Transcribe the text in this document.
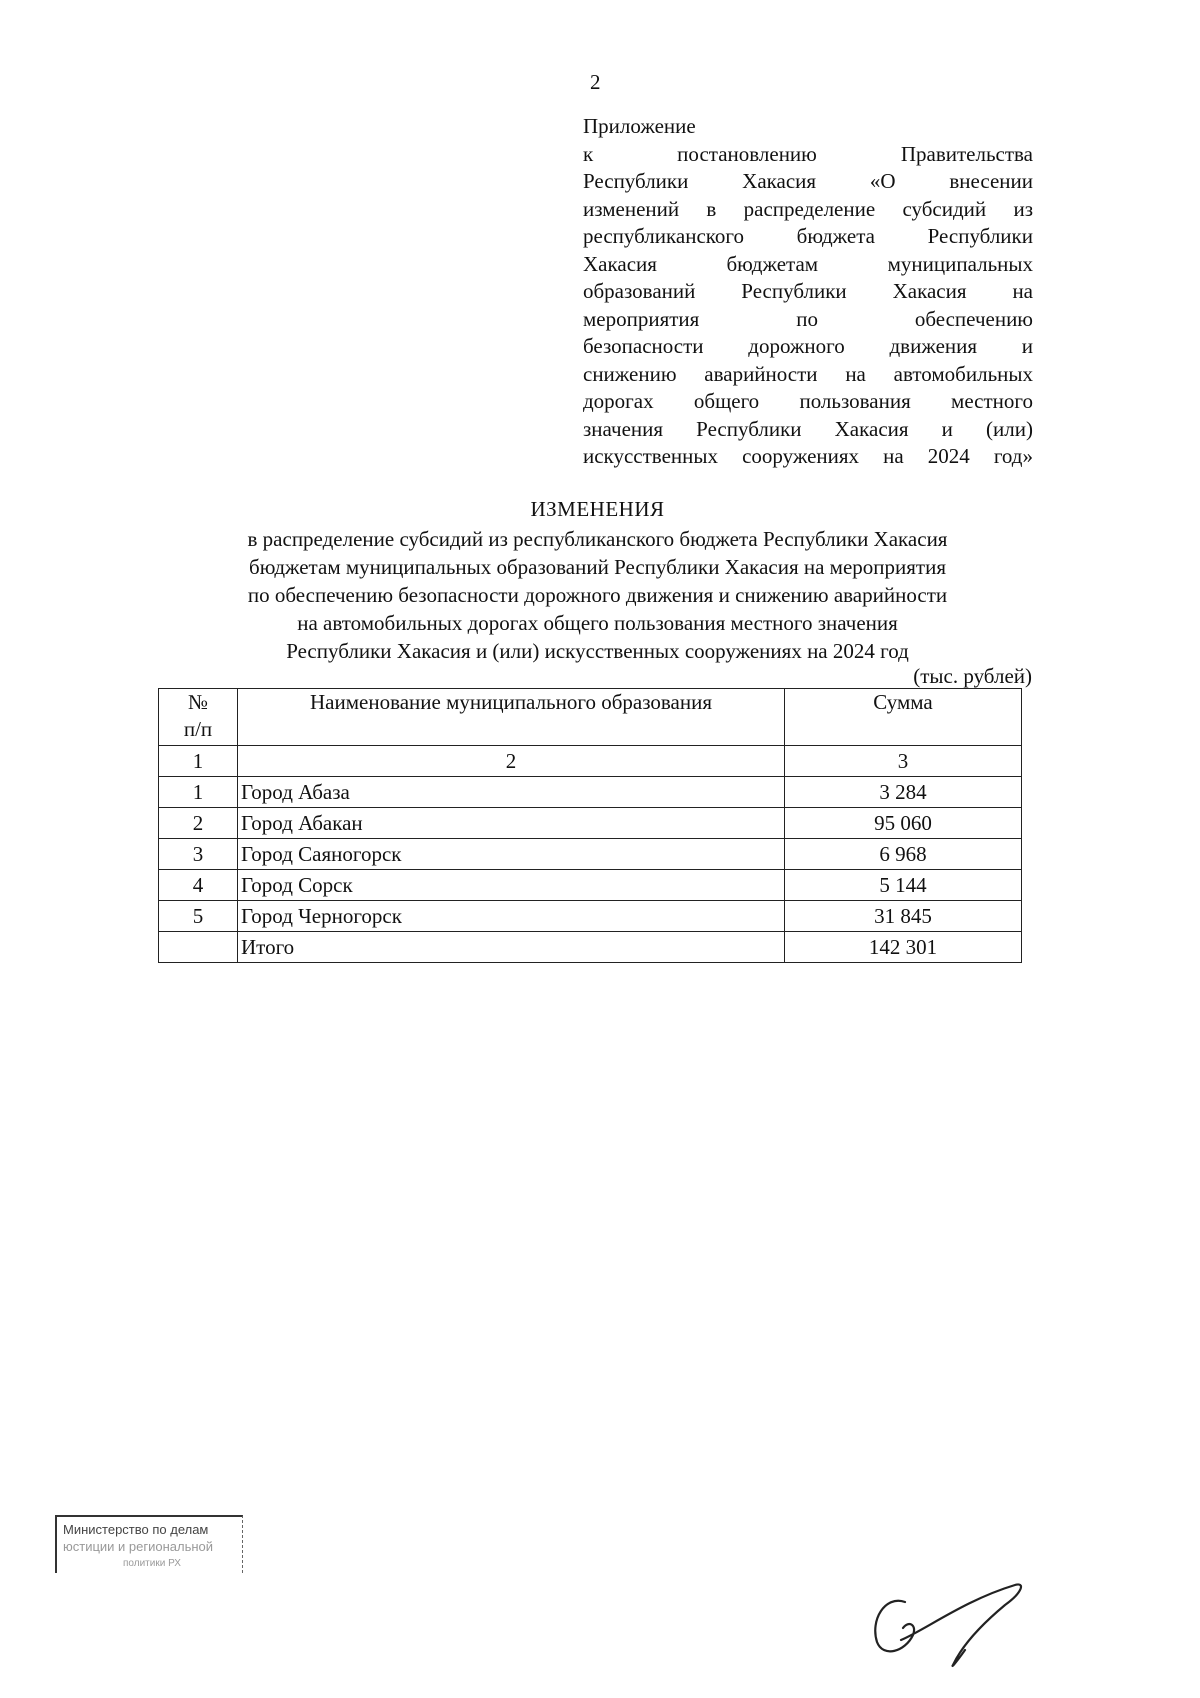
2
Приложение
к постановлению Правительства
Республики Хакасия «О внесении
изменений в распределение субсидий из
республиканского бюджета Республики
Хакасия бюджетам муниципальных
образований Республики Хакасия на
мероприятия по обеспечению
безопасности дорожного движения и
снижению аварийности на автомобильных
дорогах общего пользования местного
значения Республики Хакасия и (или)
искусственных сооружениях на 2024 год»
ИЗМЕНЕНИЯ
в распределение субсидий из республиканского бюджета Республики Хакасия
бюджетам муниципальных образований Республики Хакасия на мероприятия
по обеспечению безопасности дорожного движения и снижению аварийности
на автомобильных дорогах общего пользования местного значения
Республики Хакасия и (или) искусственных сооружениях на 2024 год
(тыс. рублей)
№
п/п	Наименование муниципального образования	Сумма
1	2	3
1	Город Абаза	3 284
2	Город Абакан	95 060
3	Город Саяногорск	6 968
4	Город Сорск	5 144
5	Город Черногорск	31 845
	Итого	142 301
Министерство по делам
юстиции и региональной
политики РХ
